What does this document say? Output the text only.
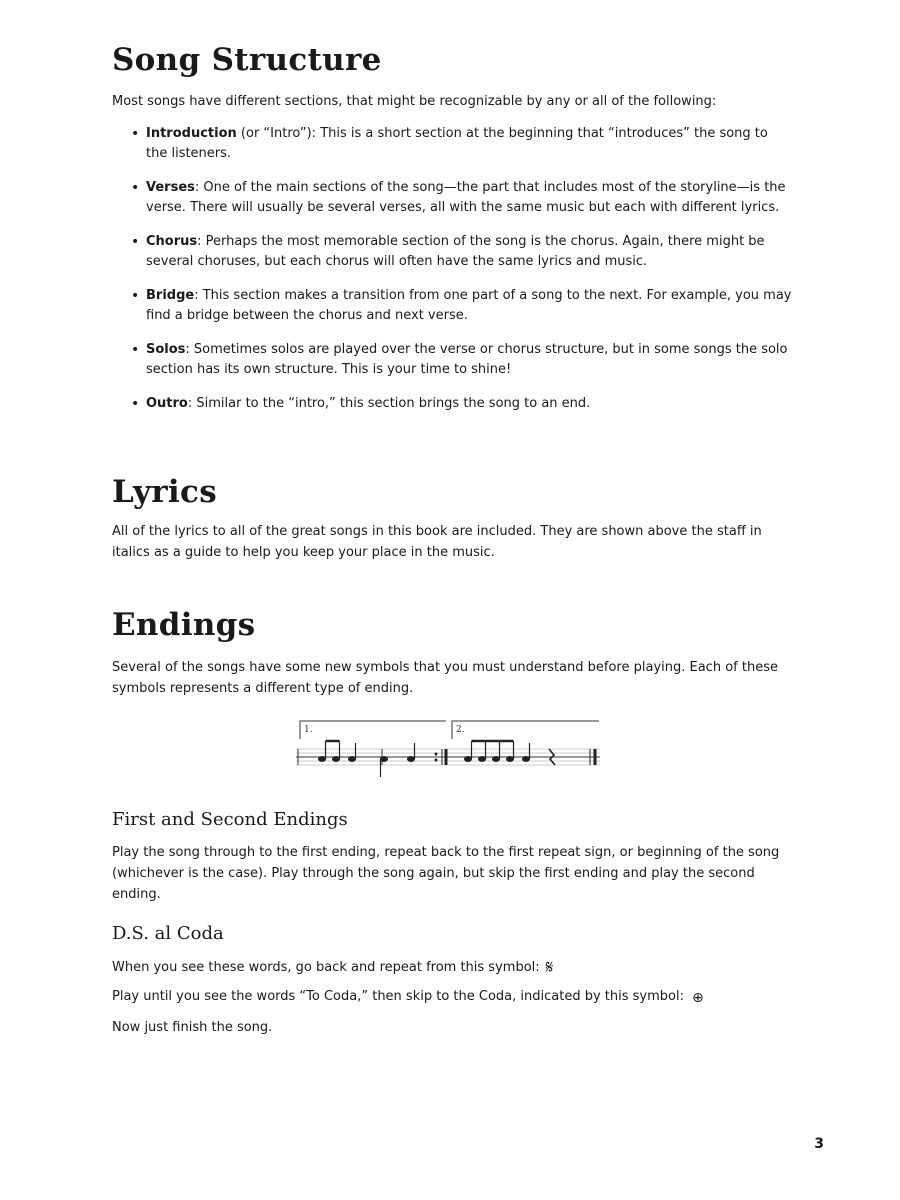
Song Structure

Most songs have different sections, that might be recognizable by any or all of the following:

• Introduction (or “Intro”): This is a short section at the beginning that “introduces” the song to the listeners.
• Verses: One of the main sections of the song—the part that includes most of the storyline—is the verse. There will usually be several verses, all with the same music but each with different lyrics.
• Chorus: Perhaps the most memorable section of the song is the chorus. Again, there might be several choruses, but each chorus will often have the same lyrics and music.
• Bridge: This section makes a transition from one part of a song to the next. For example, you may find a bridge between the chorus and next verse.
• Solos: Sometimes solos are played over the verse or chorus structure, but in some songs the solo section has its own structure. This is your time to shine!
• Outro: Similar to the “intro,” this section brings the song to an end.
Lyrics

All of the lyrics to all of the great songs in this book are included. They are shown above the staff in italics as a guide to help you keep your place in the music.

Endings

Several of the songs have some new symbols that you must understand before playing. Each of these symbols represents a different type of ending.

1.	2.
First and Second Endings

Play the song through to the first ending, repeat back to the first repeat sign, or beginning of the song (whichever is the case). Play through the song again, but skip the first ending and play the second ending.

D.S. al Coda

When you see these words, go back and repeat from this symbol: 𝄋

Play until you see the words “To Coda,” then skip to the Coda, indicated by this symbol: ⊕

Now just finish the song.

3
